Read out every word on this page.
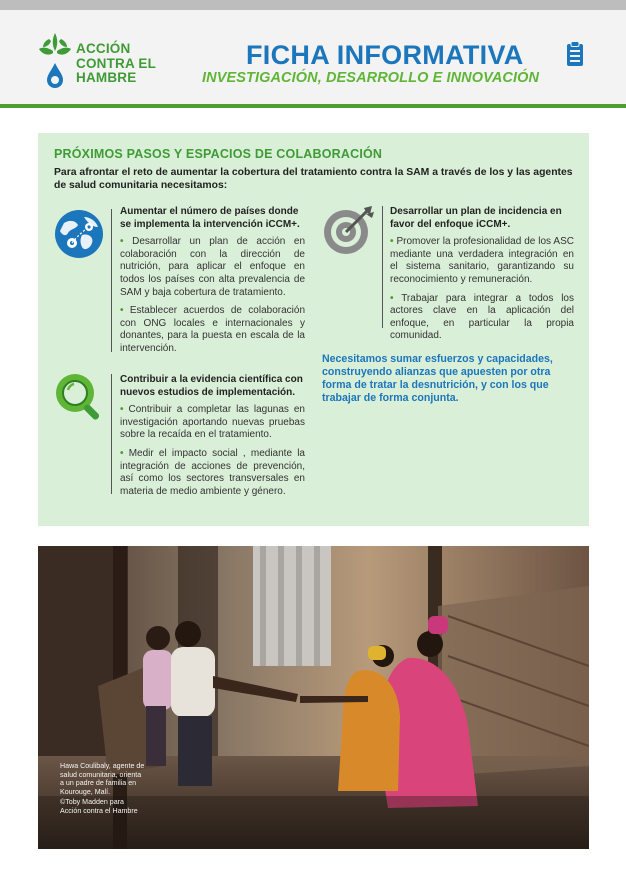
ACCIÓN
CONTRA EL
HAMBRE
FICHA INFORMATIVA
INVESTIGACIÓN, DESARROLLO E INNOVACIÓN
PRÓXIMOS PASOS Y ESPACIOS DE COLABORACIÓN
Para afrontar el reto de aumentar la cobertura del tratamiento contra la SAM a través de los y las agentes de salud comunitaria necesitamos:
Aumentar el número de países donde se implementa la intervención iCCM+.

• Desarrollar un plan de acción en colaboración con la dirección de nutrición, para aplicar el enfoque en todos los países con alta prevalencia de SAM y baja cobertura de tratamiento.

• Establecer acuerdos de colaboración con ONG locales e internacionales y donantes, para la puesta en escala de la intervención.

Contribuir a la evidencia científica con nuevos estudios de implementación.

• Contribuir a completar las lagunas en investigación aportando nuevas pruebas sobre la recaída en el tratamiento.

• Medir el impacto social , mediante la integración de acciones de prevención, así como los sectores transversales en materia de medio ambiente y género.

Desarrollar un plan de incidencia en favor del enfoque iCCM+.

• Promover la profesionalidad de los ASC mediante una verdadera integración en el sistema sanitario, garantizando su reconocimiento y remuneración.

• Trabajar para integrar a todos los actores clave en la aplicación del enfoque, en particular la propia comunidad.

Necesitamos sumar esfuerzos y capacidades, construyendo alianzas que apuesten por otra forma de tratar la desnutrición, y con los que trabajar de forma conjunta.

Hawa Coulibaly, agente de salud comunitaria, orienta a un padre de familia en Kourouge, Malí.

©Toby Madden para Acción contra el Hambre
